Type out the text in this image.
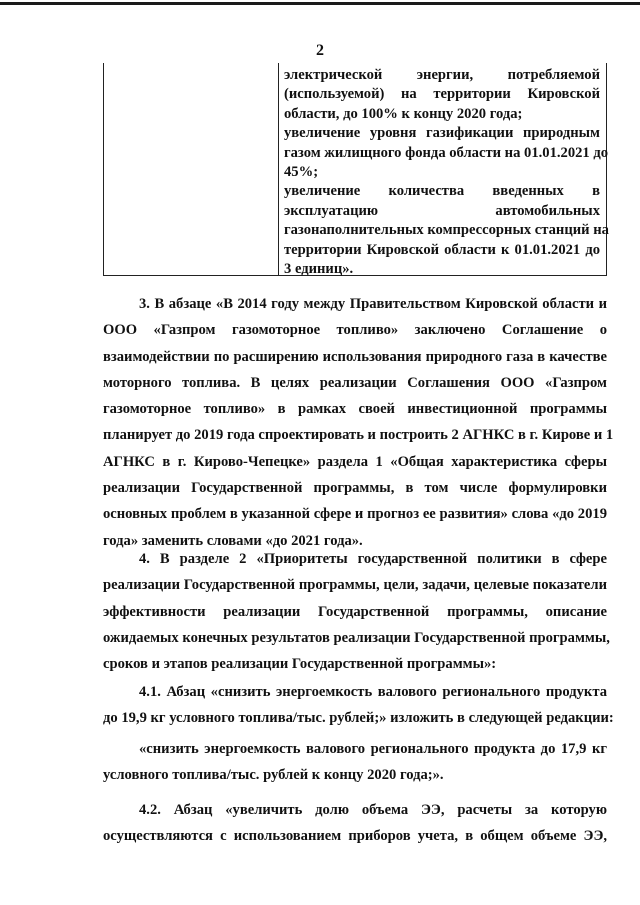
2
электрической энергии, потребляемой
(используемой) на территории Кировской
области, до 100% к концу 2020 года;
увеличение уровня газификации природным
газом жилищного фонда области на 01.01.2021 до
45%;
увеличение количества введенных в
эксплуатацию автомобильных
газонаполнительных компрессорных станций на
территории Кировской области к 01.01.2021 до
3 единиц».
3. В абзаце «В 2014 году между Правительством Кировской области и
ООО «Газпром газомоторное топливо» заключено Соглашение о
взаимодействии по расширению использования природного газа в качестве
моторного топлива. В целях реализации Соглашения ООО «Газпром
газомоторное топливо» в рамках своей инвестиционной программы
планирует до 2019 года спроектировать и построить 2 АГНКС в г. Кирове и 1
АГНКС в г. Кирово-Чепецке» раздела 1 «Общая характеристика сферы
реализации Государственной программы, в том числе формулировки
основных проблем в указанной сфере и прогноз ее развития» слова «до 2019
года» заменить словами «до 2021 года».
4. В разделе 2 «Приоритеты государственной политики в сфере
реализации Государственной программы, цели, задачи, целевые показатели
эффективности реализации Государственной программы, описание
ожидаемых конечных результатов реализации Государственной программы,
сроков и этапов реализации Государственной программы»:
4.1. Абзац «снизить энергоемкость валового регионального продукта
до 19,9 кг условного топлива/тыс. рублей;» изложить в следующей редакции:
«снизить энергоемкость валового регионального продукта до 17,9 кг
условного топлива/тыс. рублей к концу 2020 года;».
4.2. Абзац «увеличить долю объема ЭЭ, расчеты за которую
осуществляются с использованием приборов учета, в общем объеме ЭЭ,
